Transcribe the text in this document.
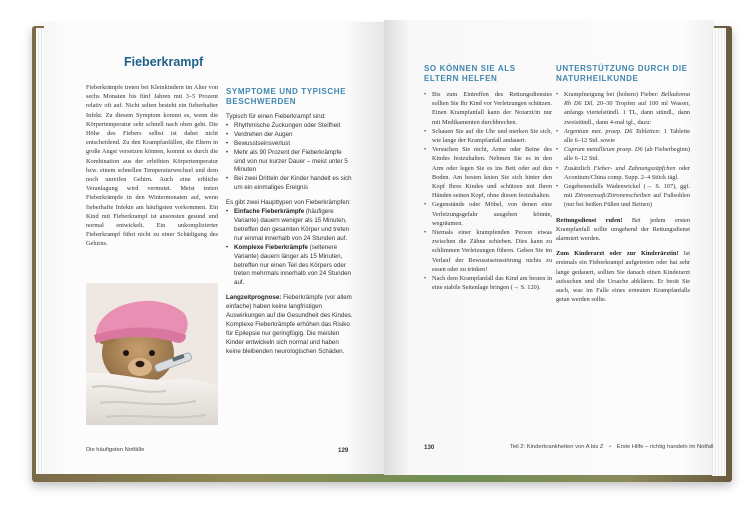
Fieberkrampf
Fieberkrämpfe treten bei Kleinkindern im Alter von sechs Monaten bis fünf Jahren mit 3–5 Prozent relativ oft auf. Nicht selten besteht ein fieberhafter Infekt. Zu diesem Symptom kommt es, wenn die Körpertemperatur sehr schnell nach oben geht. Die Höhe des Fiebers selbst ist dabei nicht entscheidend. Zu den Krampfanfällen, die Eltern in große Angst versetzen können, kommt es durch die Kombination aus der erhöhten Körpertemperatur bzw. einem schnellen Temperaturwechsel und dem noch unreifen Gehirn. Auch eine erbliche Veranlagung wird vermutet. Meist treten Fieberkrämpfe in den Wintermonaten auf, wenn fieberhafte Infekte am häufigsten vorkommen. Ein Kind mit Fieberkrampf ist ansonsten gesund und normal entwickelt. Ein unkomplizierter Fieberkrampf führt nicht zu einer Schädigung des Gehirns.
SYMPTOME UND TYPISCHE BESCHWERDEN
Typisch für einen Fieberkrampf sind:
• Rhythmische Zuckungen oder Steifheit
• Verdrehen der Augen
• Bewusstseinsverlust
• Mehr als 90 Prozent der Fieberkrämpfe sind von nur kurzer Dauer – meist unter 5 Minuten
• Bei zwei Dritteln der Kinder handelt es sich um ein einmaliges Ereignis
Es gibt zwei Haupttypen von Fieberkrämpfen:
• Einfache Fieberkrämpfe (häufigere Variante) dauern weniger als 15 Minuten, betreffen den gesamten Körper und treten nur einmal innerhalb von 24 Stunden auf.
• Komplexe Fieberkrämpfe (seltenere Variante) dauern länger als 15 Minuten, betreffen nur einen Teil des Körpers oder treten mehrmals innerhalb von 24 Stunden auf.
Langzeitprognose: Fieberkrämpfe (vor allem einfache) haben keine langfristigen Auswirkungen auf die Gesundheit des Kindes. Komplexe Fieberkrämpfe erhöhen das Risiko für Epilepsie nur geringfügig. Die meisten Kinder entwickeln sich normal und haben keine bleibenden neurologischen Schäden.
Die häufigsten Notfälle	129
SO KÖNNEN SIE ALS ELTERN HELFEN
• Bis zum Eintreffen des Rettungsdienstes sollten Sie Ihr Kind vor Verletzungen schützen. Einen Krampfanfall kann der Notarzt/in nur mit Medikamenten durchbrechen.
• Schauen Sie auf die Uhr und merken Sie sich, wie lange der Krampfanfall andauert.
• Versuchen Sie nicht, Arme oder Beine des Kindes festzuhalten. Nehmen Sie es in den Arm oder legen Sie es ins Bett oder auf den Boden. Am besten knien Sie sich hinter den Kopf Ihres Kindes und schützen mit Ihren Händen seinen Kopf, ohne diesen festzuhalten.
• Gegenstände oder Möbel, von denen eine Verletzungsgefahr ausgehen könnte, wegräumen.
• Niemals einer krampfenden Person etwas zwischen die Zähne schieben. Dies kann zu schlimmen Verletzungen führen. Geben Sie im Verlauf der Bewusstseinsstörung nichts zu essen oder zu trinken!
• Nach dem Krampfanfall das Kind am besten in eine stabile Seitenlage bringen (→ S. 120).
UNTERSTÜTZUNG DURCH DIE NATURHEILKUNDE
• Krampfneigung bei (hohem) Fieber: Belladonna Rh D6 Dil. 20–30 Tropfen auf 100 ml Wasser, anfangs viertelstündl. 1 TL, dann stündl., dann zweistündl., dann 4-mal tgl., dazu:
• Argentum met. praep. D6 Tabletten: 1 Tablette alle 6–12 Std. sowie
• Cuprum metallicum praep. D6 (ab Fieberbeginn) alle 6–12 Std.
• Zusätzlich Fieber- und Zahnungszäpfchen oder Aconitum/China comp. Supp. 2–4 Stück tägl.
• Gegebenenfalls Wadenwickel (→ S. 107), ggf. mit Zitronensaft/Zitronenscheiben auf Fußsohlen (nur bei heißen Füßen und Beinen)
Rettungsdienst rufen! Bei jedem ersten Krampfanfall sollte umgehend der Rettungsdienst alarmiert werden.
Zum Kinderarzt oder zur Kinderärztin! Ist erstmals ein Fieberkrampf aufgetreten oder hat sehr lange gedauert, sollten Sie danach einen Kinderarzt aufsuchen und die Ursache abklären. Er berät Sie auch, was im Falle eines erneuten Krampfanfalls getan werden sollte.
130	Teil 2: Kinderkrankheiten von A bis Z • Erste Hilfe – richtig handeln im Notfall
